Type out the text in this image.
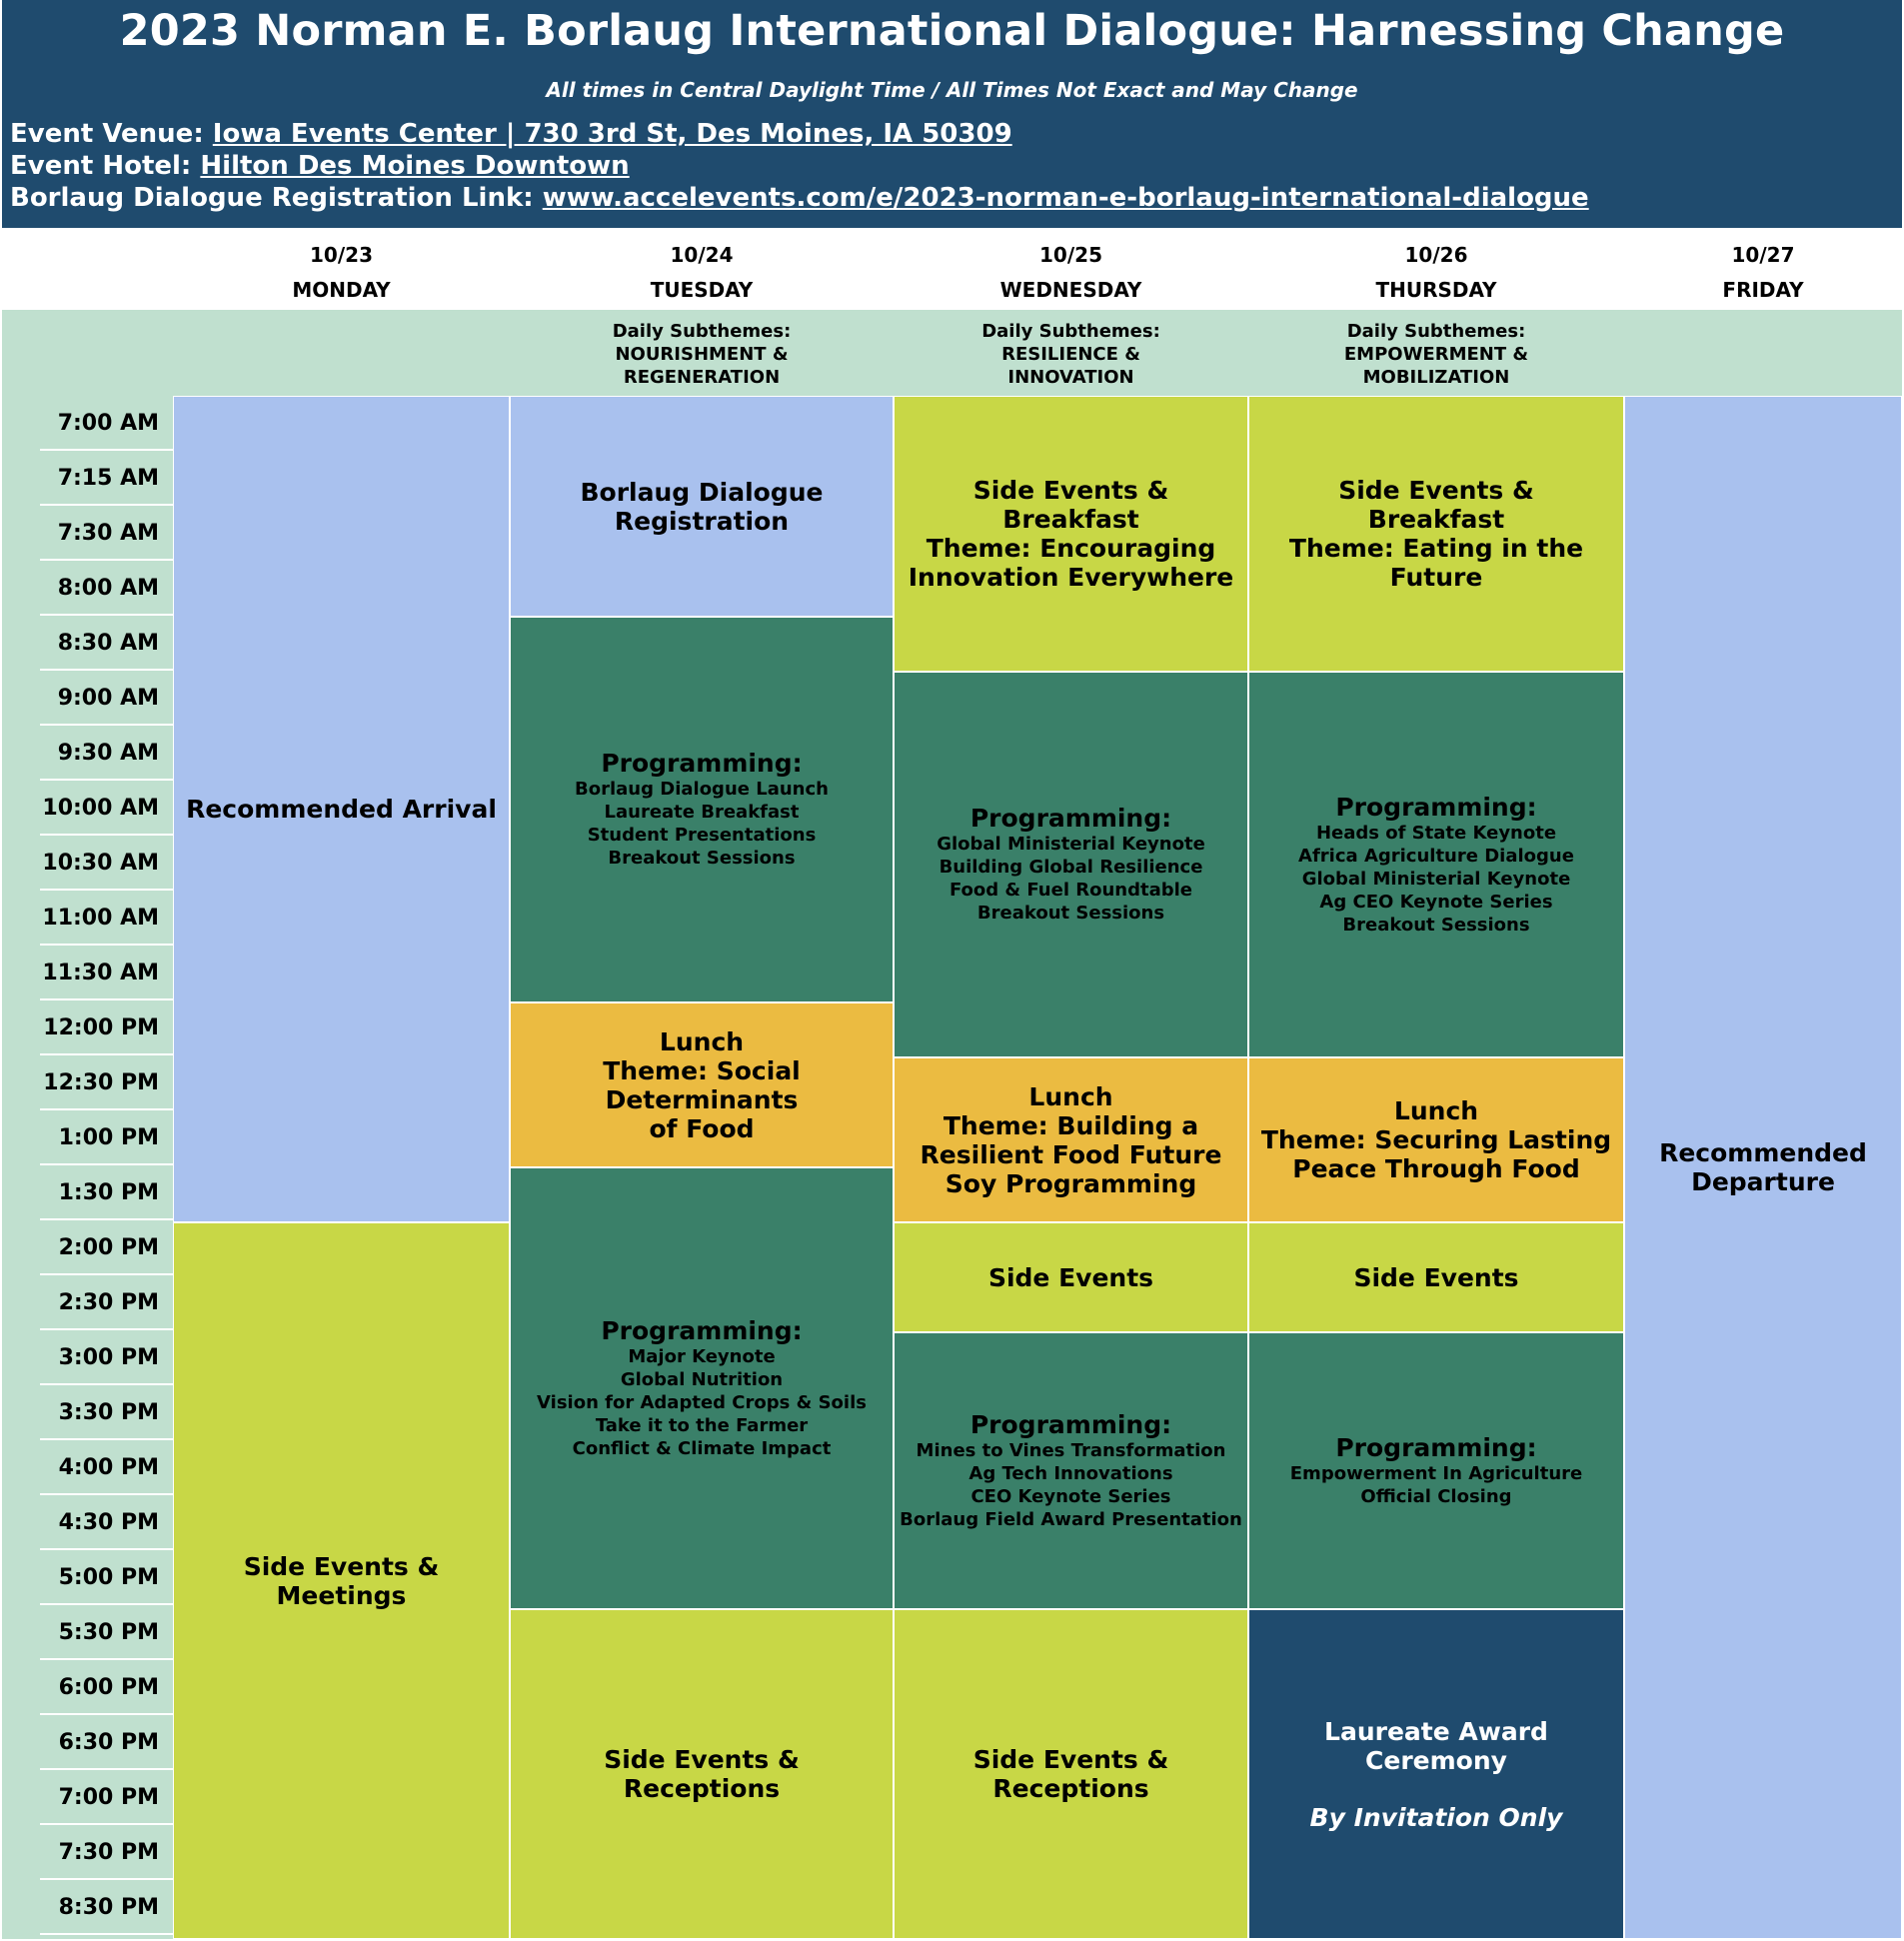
2023 Norman E. Borlaug International Dialogue: Harnessing Change
All times in Central Daylight Time / All Times Not Exact and May Change
Event Venue: Iowa Events Center | 730 3rd St, Des Moines, IA 50309
Event Hotel: Hilton Des Moines Downtown
Borlaug Dialogue Registration Link: www.accelevents.com/e/2023-norman-e-borlaug-international-dialogue
10/23
MONDAY
10/24
TUESDAY
10/25
WEDNESDAY
10/26
THURSDAY
10/27
FRIDAY
Daily Subthemes:
NOURISHMENT &
REGENERATION
Daily Subthemes:
RESILIENCE &
INNOVATION
Daily Subthemes:
EMPOWERMENT &
MOBILIZATION
7:00 AM
7:15 AM
7:30 AM
8:00 AM
8:30 AM
9:00 AM
9:30 AM
10:00 AM
10:30 AM
11:00 AM
11:30 AM
12:00 PM
12:30 PM
1:00 PM
1:30 PM
2:00 PM
2:30 PM
3:00 PM
3:30 PM
4:00 PM
4:30 PM
5:00 PM
5:30 PM
6:00 PM
6:30 PM
7:00 PM
7:30 PM
8:30 PM
Recommended Arrival
Side Events &
Meetings
Borlaug Dialogue
Registration
Programming:
Borlaug Dialogue Launch
Laureate Breakfast
Student Presentations
Breakout Sessions
Lunch
Theme: Social Determinants
of Food
Programming:
Major Keynote
Global Nutrition
Vision for Adapted Crops & Soils
Take it to the Farmer
Conflict & Climate Impact
Side Events &
Receptions
Side Events &
Breakfast
Theme: Encouraging
Innovation Everywhere
Programming:
Global Ministerial Keynote
Building Global Resilience
Food & Fuel Roundtable
Breakout Sessions
Lunch
Theme: Building a
Resilient Food Future
Soy Programming
Side Events
Programming:
Mines to Vines Transformation
Ag Tech Innovations
CEO Keynote Series
Borlaug Field Award Presentation
Side Events & Receptions
Side Events &
Breakfast
Theme: Eating in the Future
Programming:
Heads of State Keynote
Africa Agriculture Dialogue
Global Ministerial Keynote
Ag CEO Keynote Series
Breakout Sessions
Lunch
Theme: Securing Lasting
Peace Through Food
Side Events
Programming:
Empowerment In Agriculture
Official Closing
Laureate Award Ceremony
By Invitation Only
Recommended
Departure
